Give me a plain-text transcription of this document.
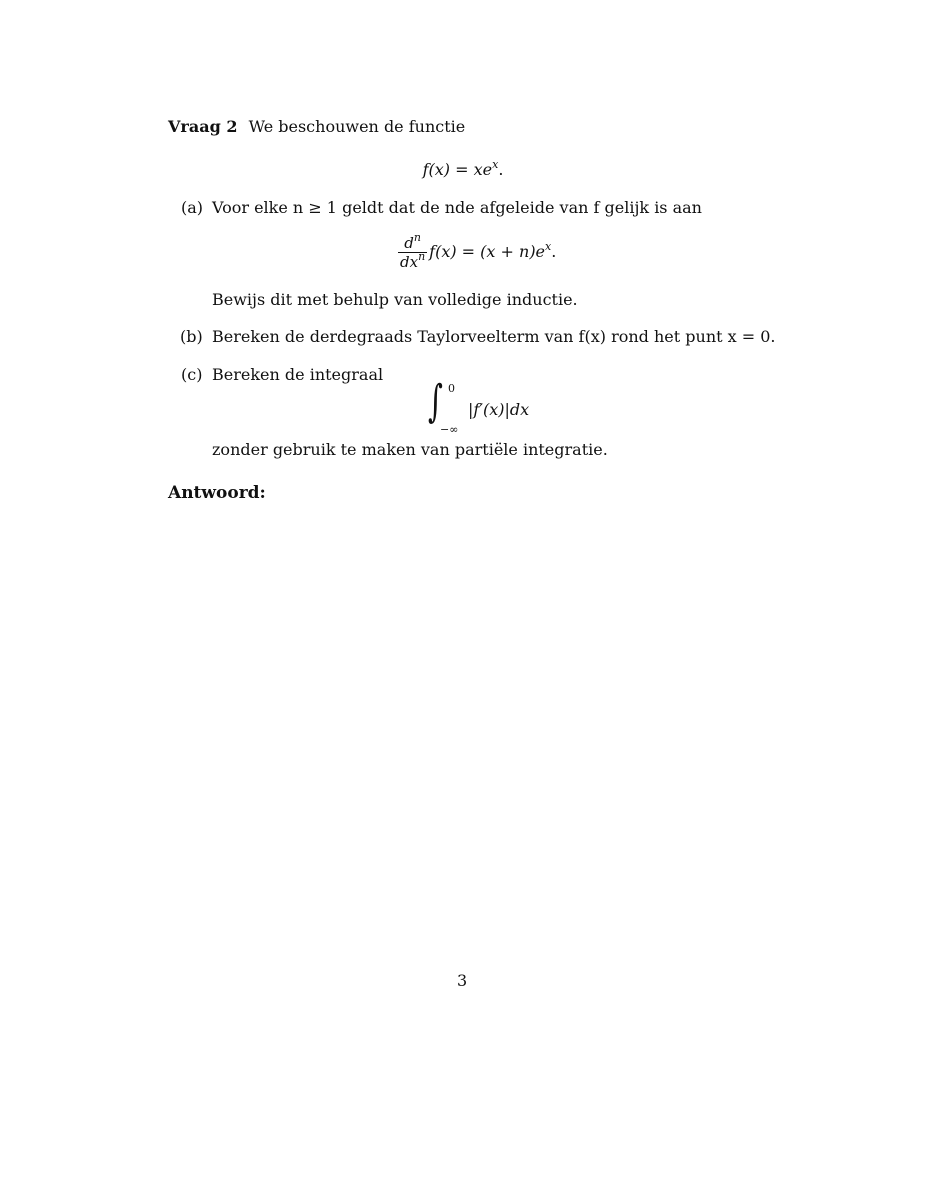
Vraag 2 We beschouwen de functie
$f(x) = xe^x$.
(a) Voor elke n ≥ 1 geldt dat de nde afgeleide van f gelijk is aan
$\frac{d^n}{dx^n} f(x) = (x + n)e^x$.
Bewijs dit met behulp van volledige inductie.
(b) Bereken de derdegraads Taylorveelterm van f(x) rond het punt x = 0.
(c) Bereken de integraal
∫ 0
−∞
|f′(x)|dx
zonder gebruik te maken van partiële integratie.
Antwoord:
3
